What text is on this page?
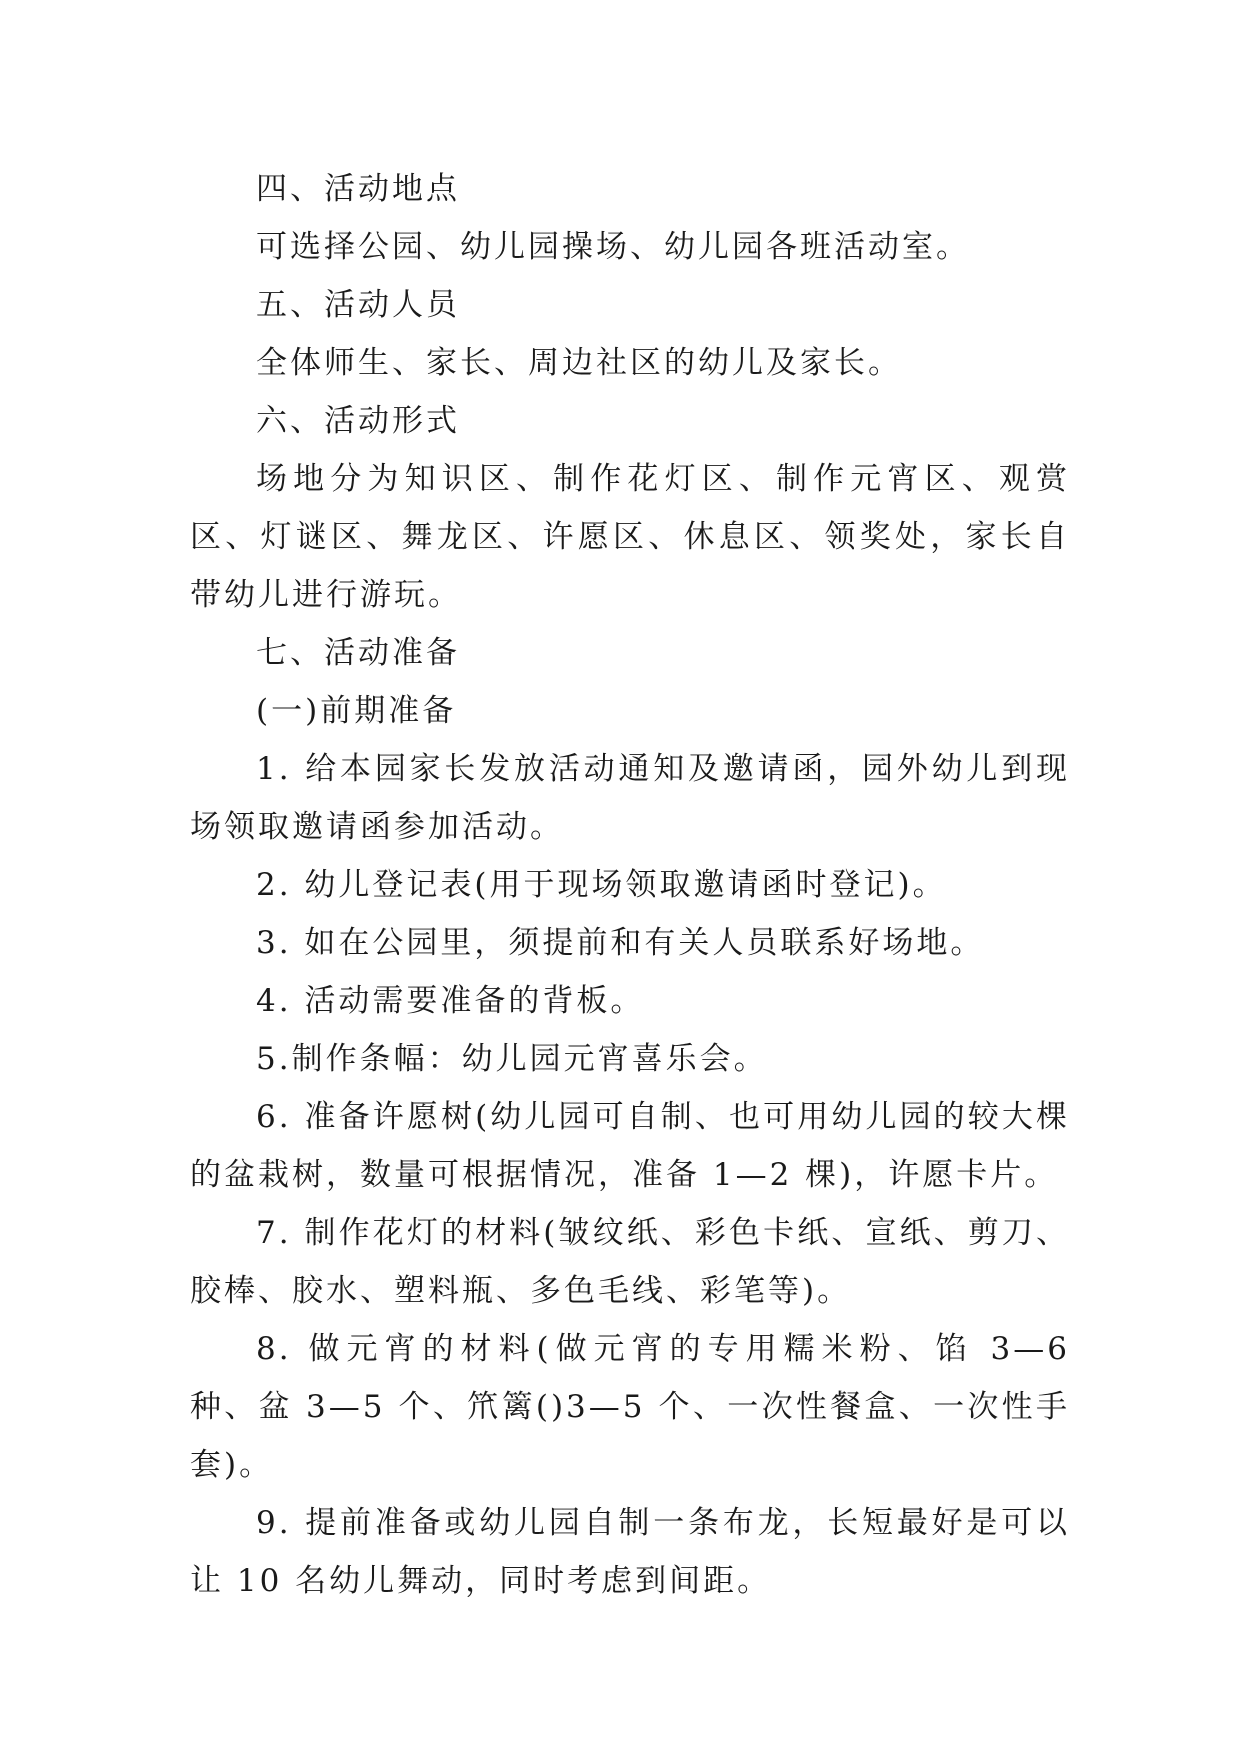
四、活动地点

可选择公园、幼儿园操场、幼儿园各班活动室。

五、活动人员

全体师生、家长、周边社区的幼儿及家长。

六、活动形式

场地分为知识区、制作花灯区、制作元宵区、观赏区、灯谜区、舞龙区、许愿区、休息区、领奖处，家长自带幼儿进行游玩。

七、活动准备

(一)前期准备

1. 给本园家长发放活动通知及邀请函，园外幼儿到现场领取邀请函参加活动。

2. 幼儿登记表(用于现场领取邀请函时登记)。

3. 如在公园里，须提前和有关人员联系好场地。

4. 活动需要准备的背板。

5.制作条幅：幼儿园元宵喜乐会。

6. 准备许愿树(幼儿园可自制、也可用幼儿园的较大棵的盆栽树，数量可根据情况，准备 1—2 棵)，许愿卡片。

7. 制作花灯的材料(皱纹纸、彩色卡纸、宣纸、剪刀、胶棒、胶水、塑料瓶、多色毛线、彩笔等)。

8. 做元宵的材料(做元宵的专用糯米粉、馅 3—6 种、盆 3—5 个、笊篱()3—5 个、一次性餐盒、一次性手套)。

9. 提前准备或幼儿园自制一条布龙，长短最好是可以让 10 名幼儿舞动，同时考虑到间距。
